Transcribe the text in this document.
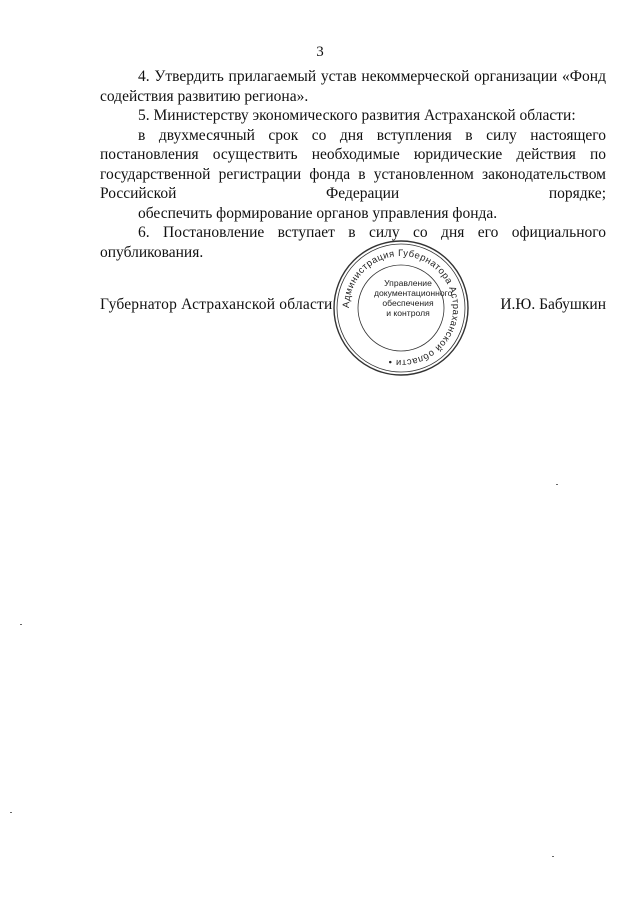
3

4. Утвердить прилагаемый устав некоммерческой организации «Фонд содействия развитию региона».

5. Министерству экономического развития Астраханской области:

в двухмесячный срок со дня вступления в силу настоящего постановления осуществить необходимые юридические действия по государственной регистрации фонда в установленном законодательством Российской Федерации порядке;

обеспечить формирование органов управления фонда.

6. Постановление вступает в силу со дня его официального опубликования.

Губернатор Астраханской области Администрация Губернатора Астраханской области •
Управление
документационного
обеспечения
и контроля	И.Ю. Бабушкин
